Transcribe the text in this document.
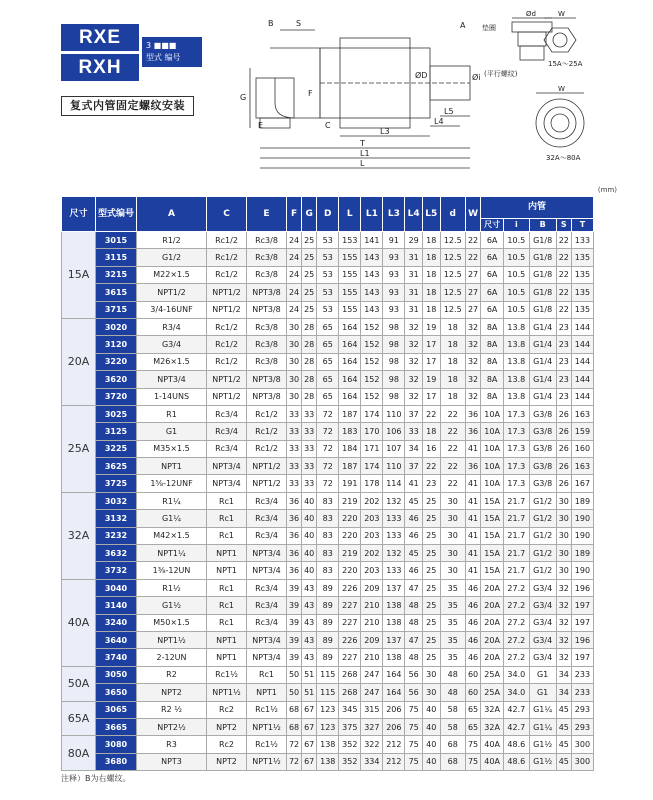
RXE
RXH
3 ■■■
型式 编号
复式内管固定螺纹安装
B	S	A
G
E	C
ØD	Øi
F
L5
L4
L3
T
L1
L
Ød	W
垫圈
15A～25A
(平行螺纹)
W
32A～80A
(mm)
尺寸	型式编号	A	C	E	F	G	D	L	L1	L3	L4	L5	d	W	内管				
															尺寸	i	B	S	T
15A	3015	R1/2	Rc1/2	Rc3/8	24	25	53	153	141	91	29	18	12.5	22	6A	10.5	G1/8	22	133
	3115	G1/2	Rc1/2	Rc3/8	24	25	53	155	143	93	31	18	12.5	22	6A	10.5	G1/8	22	135
	3215	M22×1.5	Rc1/2	Rc3/8	24	25	53	155	143	93	31	18	12.5	27	6A	10.5	G1/8	22	135
	3615	NPT1/2	NPT1/2	NPT3/8	24	25	53	155	143	93	31	18	12.5	27	6A	10.5	G1/8	22	135
	3715	3/4-16UNF	NPT1/2	NPT3/8	24	25	53	155	143	93	31	18	12.5	27	6A	10.5	G1/8	22	135
20A	3020	R3/4	Rc1/2	Rc3/8	30	28	65	164	152	98	32	19	18	32	8A	13.8	G1/4	23	144
	3120	G3/4	Rc1/2	Rc3/8	30	28	65	164	152	98	32	17	18	32	8A	13.8	G1/4	23	144
	3220	M26×1.5	Rc1/2	Rc3/8	30	28	65	164	152	98	32	17	18	32	8A	13.8	G1/4	23	144
	3620	NPT3/4	NPT1/2	NPT3/8	30	28	65	164	152	98	32	19	18	32	8A	13.8	G1/4	23	144
	3720	1-14UNS	NPT1/2	NPT3/8	30	28	65	164	152	98	32	17	18	32	8A	13.8	G1/4	23	144
25A	3025	R1	Rc3/4	Rc1/2	33	33	72	187	174	110	37	22	22	36	10A	17.3	G3/8	26	163
	3125	G1	Rc3/4	Rc1/2	33	33	72	183	170	106	33	18	22	36	10A	17.3	G3/8	26	159
	3225	M35×1.5	Rc3/4	Rc1/2	33	33	72	184	171	107	34	16	22	41	10A	17.3	G3/8	26	160
	3625	NPT1	NPT3/4	NPT1/2	33	33	72	187	174	110	37	22	22	36	10A	17.3	G3/8	26	163
	3725	1⅝-12UNF	NPT3/4	NPT1/2	33	33	72	191	178	114	41	23	22	41	10A	17.3	G3/8	26	167
32A	3032	R1¼	Rc1	Rc3/4	36	40	83	219	202	132	45	25	30	41	15A	21.7	G1/2	30	189
	3132	G1¼	Rc1	Rc3/4	36	40	83	220	203	133	46	25	30	41	15A	21.7	G1/2	30	190
	3232	M42×1.5	Rc1	Rc3/4	36	40	83	220	203	133	46	25	30	41	15A	21.7	G1/2	30	190
	3632	NPT1¼	NPT1	NPT3/4	36	40	83	219	202	132	45	25	30	41	15A	21.7	G1/2	30	189
	3732	1⅜-12UN	NPT1	NPT3/4	36	40	83	220	203	133	46	25	30	41	15A	21.7	G1/2	30	190
40A	3040	R1½	Rc1	Rc3/4	39	43	89	226	209	137	47	25	35	46	20A	27.2	G3/4	32	196
	3140	G1½	Rc1	Rc3/4	39	43	89	227	210	138	48	25	35	46	20A	27.2	G3/4	32	197
	3240	M50×1.5	Rc1	Rc3/4	39	43	89	227	210	138	48	25	35	46	20A	27.2	G3/4	32	197
	3640	NPT1½	NPT1	NPT3/4	39	43	89	226	209	137	47	25	35	46	20A	27.2	G3/4	32	196
	3740	2-12UN	NPT1	NPT3/4	39	43	89	227	210	138	48	25	35	46	20A	27.2	G3/4	32	197
50A	3050	R2	Rc1½	Rc1	50	51	115	268	247	164	56	30	48	60	25A	34.0	G1	34	233
	3650	NPT2	NPT1½	NPT1	50	51	115	268	247	164	56	30	48	60	25A	34.0	G1	34	233
65A	3065	R2 ½	Rc2	Rc1½	68	67	123	345	315	206	75	40	58	65	32A	42.7	G1¼	45	293
	3665	NPT2½	NPT2	NPT1½	68	67	123	375	327	206	75	40	58	65	32A	42.7	G1¼	45	293
80A	3080	R3	Rc2	Rc1½	72	67	138	352	322	212	75	40	68	75	40A	48.6	G1½	45	300
	3680	NPT3	NPT2	NPT1½	72	67	138	352	334	212	75	40	68	75	40A	48.6	G1½	45	300
注释）B为右螺纹。
